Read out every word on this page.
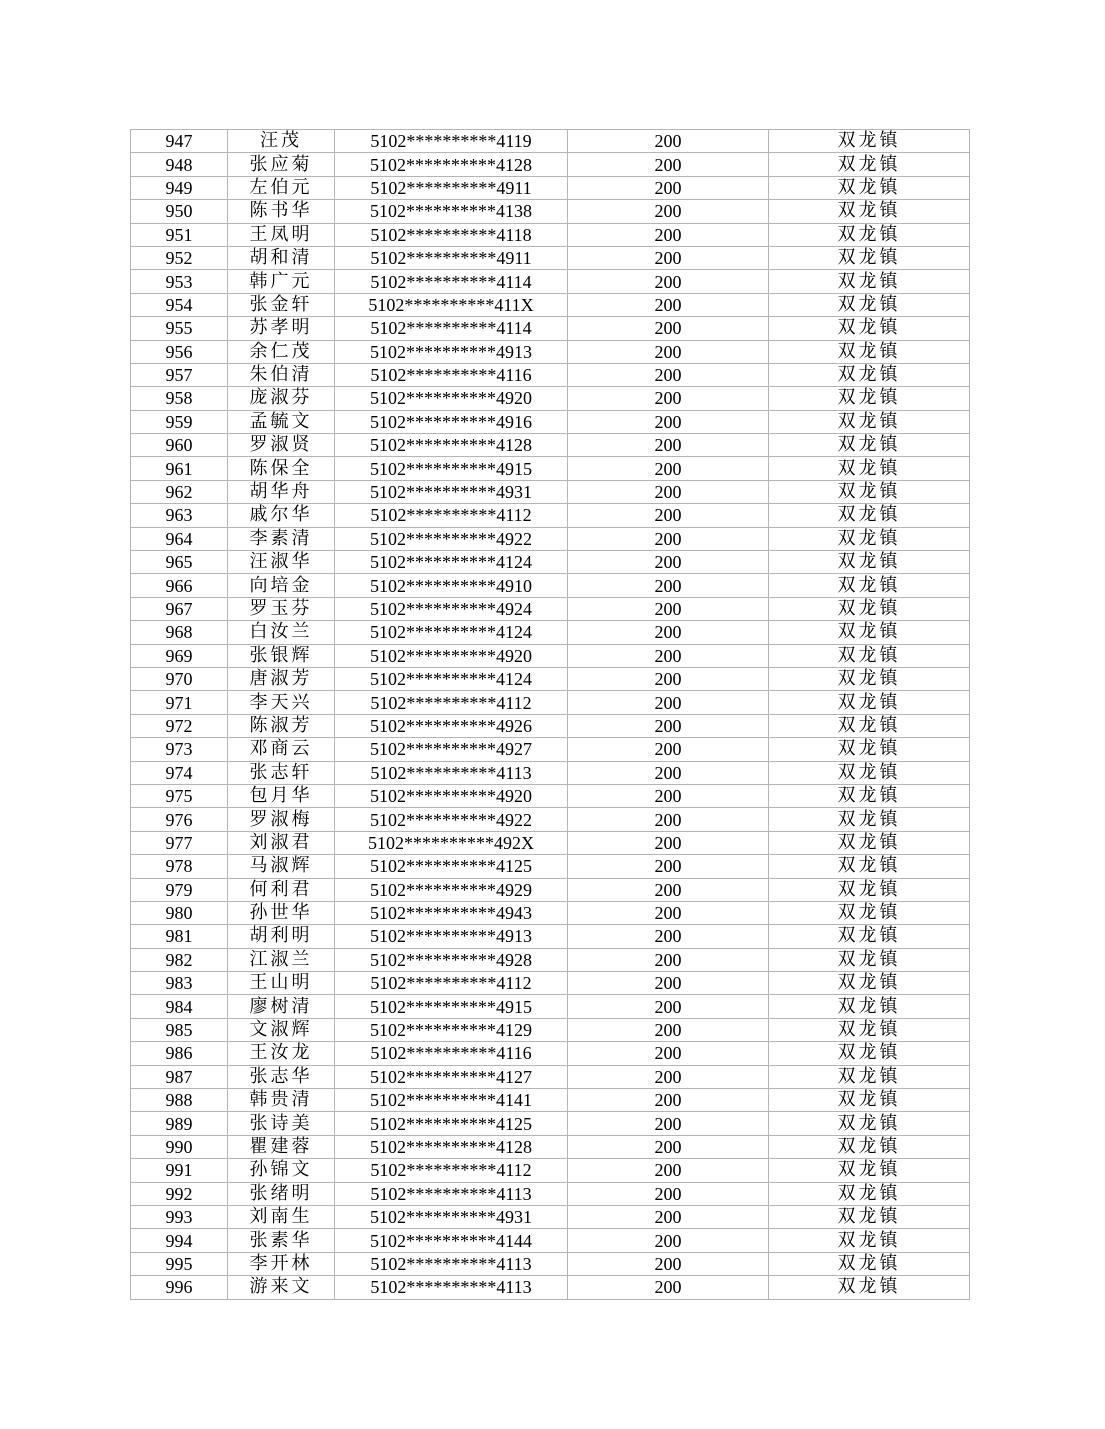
947	汪茂	5102**********4119	200	双龙镇
948	张应菊	5102**********4128	200	双龙镇
949	左伯元	5102**********4911	200	双龙镇
950	陈书华	5102**********4138	200	双龙镇
951	王凤明	5102**********4118	200	双龙镇
952	胡和清	5102**********4911	200	双龙镇
953	韩广元	5102**********4114	200	双龙镇
954	张金轩	5102**********411X	200	双龙镇
955	苏孝明	5102**********4114	200	双龙镇
956	余仁茂	5102**********4913	200	双龙镇
957	朱伯清	5102**********4116	200	双龙镇
958	庞淑芬	5102**********4920	200	双龙镇
959	孟毓文	5102**********4916	200	双龙镇
960	罗淑贤	5102**********4128	200	双龙镇
961	陈保全	5102**********4915	200	双龙镇
962	胡华舟	5102**********4931	200	双龙镇
963	戚尔华	5102**********4112	200	双龙镇
964	李素清	5102**********4922	200	双龙镇
965	汪淑华	5102**********4124	200	双龙镇
966	向培金	5102**********4910	200	双龙镇
967	罗玉芬	5102**********4924	200	双龙镇
968	白汝兰	5102**********4124	200	双龙镇
969	张银辉	5102**********4920	200	双龙镇
970	唐淑芳	5102**********4124	200	双龙镇
971	李天兴	5102**********4112	200	双龙镇
972	陈淑芳	5102**********4926	200	双龙镇
973	邓商云	5102**********4927	200	双龙镇
974	张志轩	5102**********4113	200	双龙镇
975	包月华	5102**********4920	200	双龙镇
976	罗淑梅	5102**********4922	200	双龙镇
977	刘淑君	5102**********492X	200	双龙镇
978	马淑辉	5102**********4125	200	双龙镇
979	何利君	5102**********4929	200	双龙镇
980	孙世华	5102**********4943	200	双龙镇
981	胡利明	5102**********4913	200	双龙镇
982	江淑兰	5102**********4928	200	双龙镇
983	王山明	5102**********4112	200	双龙镇
984	廖树清	5102**********4915	200	双龙镇
985	文淑辉	5102**********4129	200	双龙镇
986	王汝龙	5102**********4116	200	双龙镇
987	张志华	5102**********4127	200	双龙镇
988	韩贵清	5102**********4141	200	双龙镇
989	张诗美	5102**********4125	200	双龙镇
990	瞿建蓉	5102**********4128	200	双龙镇
991	孙锦文	5102**********4112	200	双龙镇
992	张绪明	5102**********4113	200	双龙镇
993	刘南生	5102**********4931	200	双龙镇
994	张素华	5102**********4144	200	双龙镇
995	李开林	5102**********4113	200	双龙镇
996	游来文	5102**********4113	200	双龙镇
